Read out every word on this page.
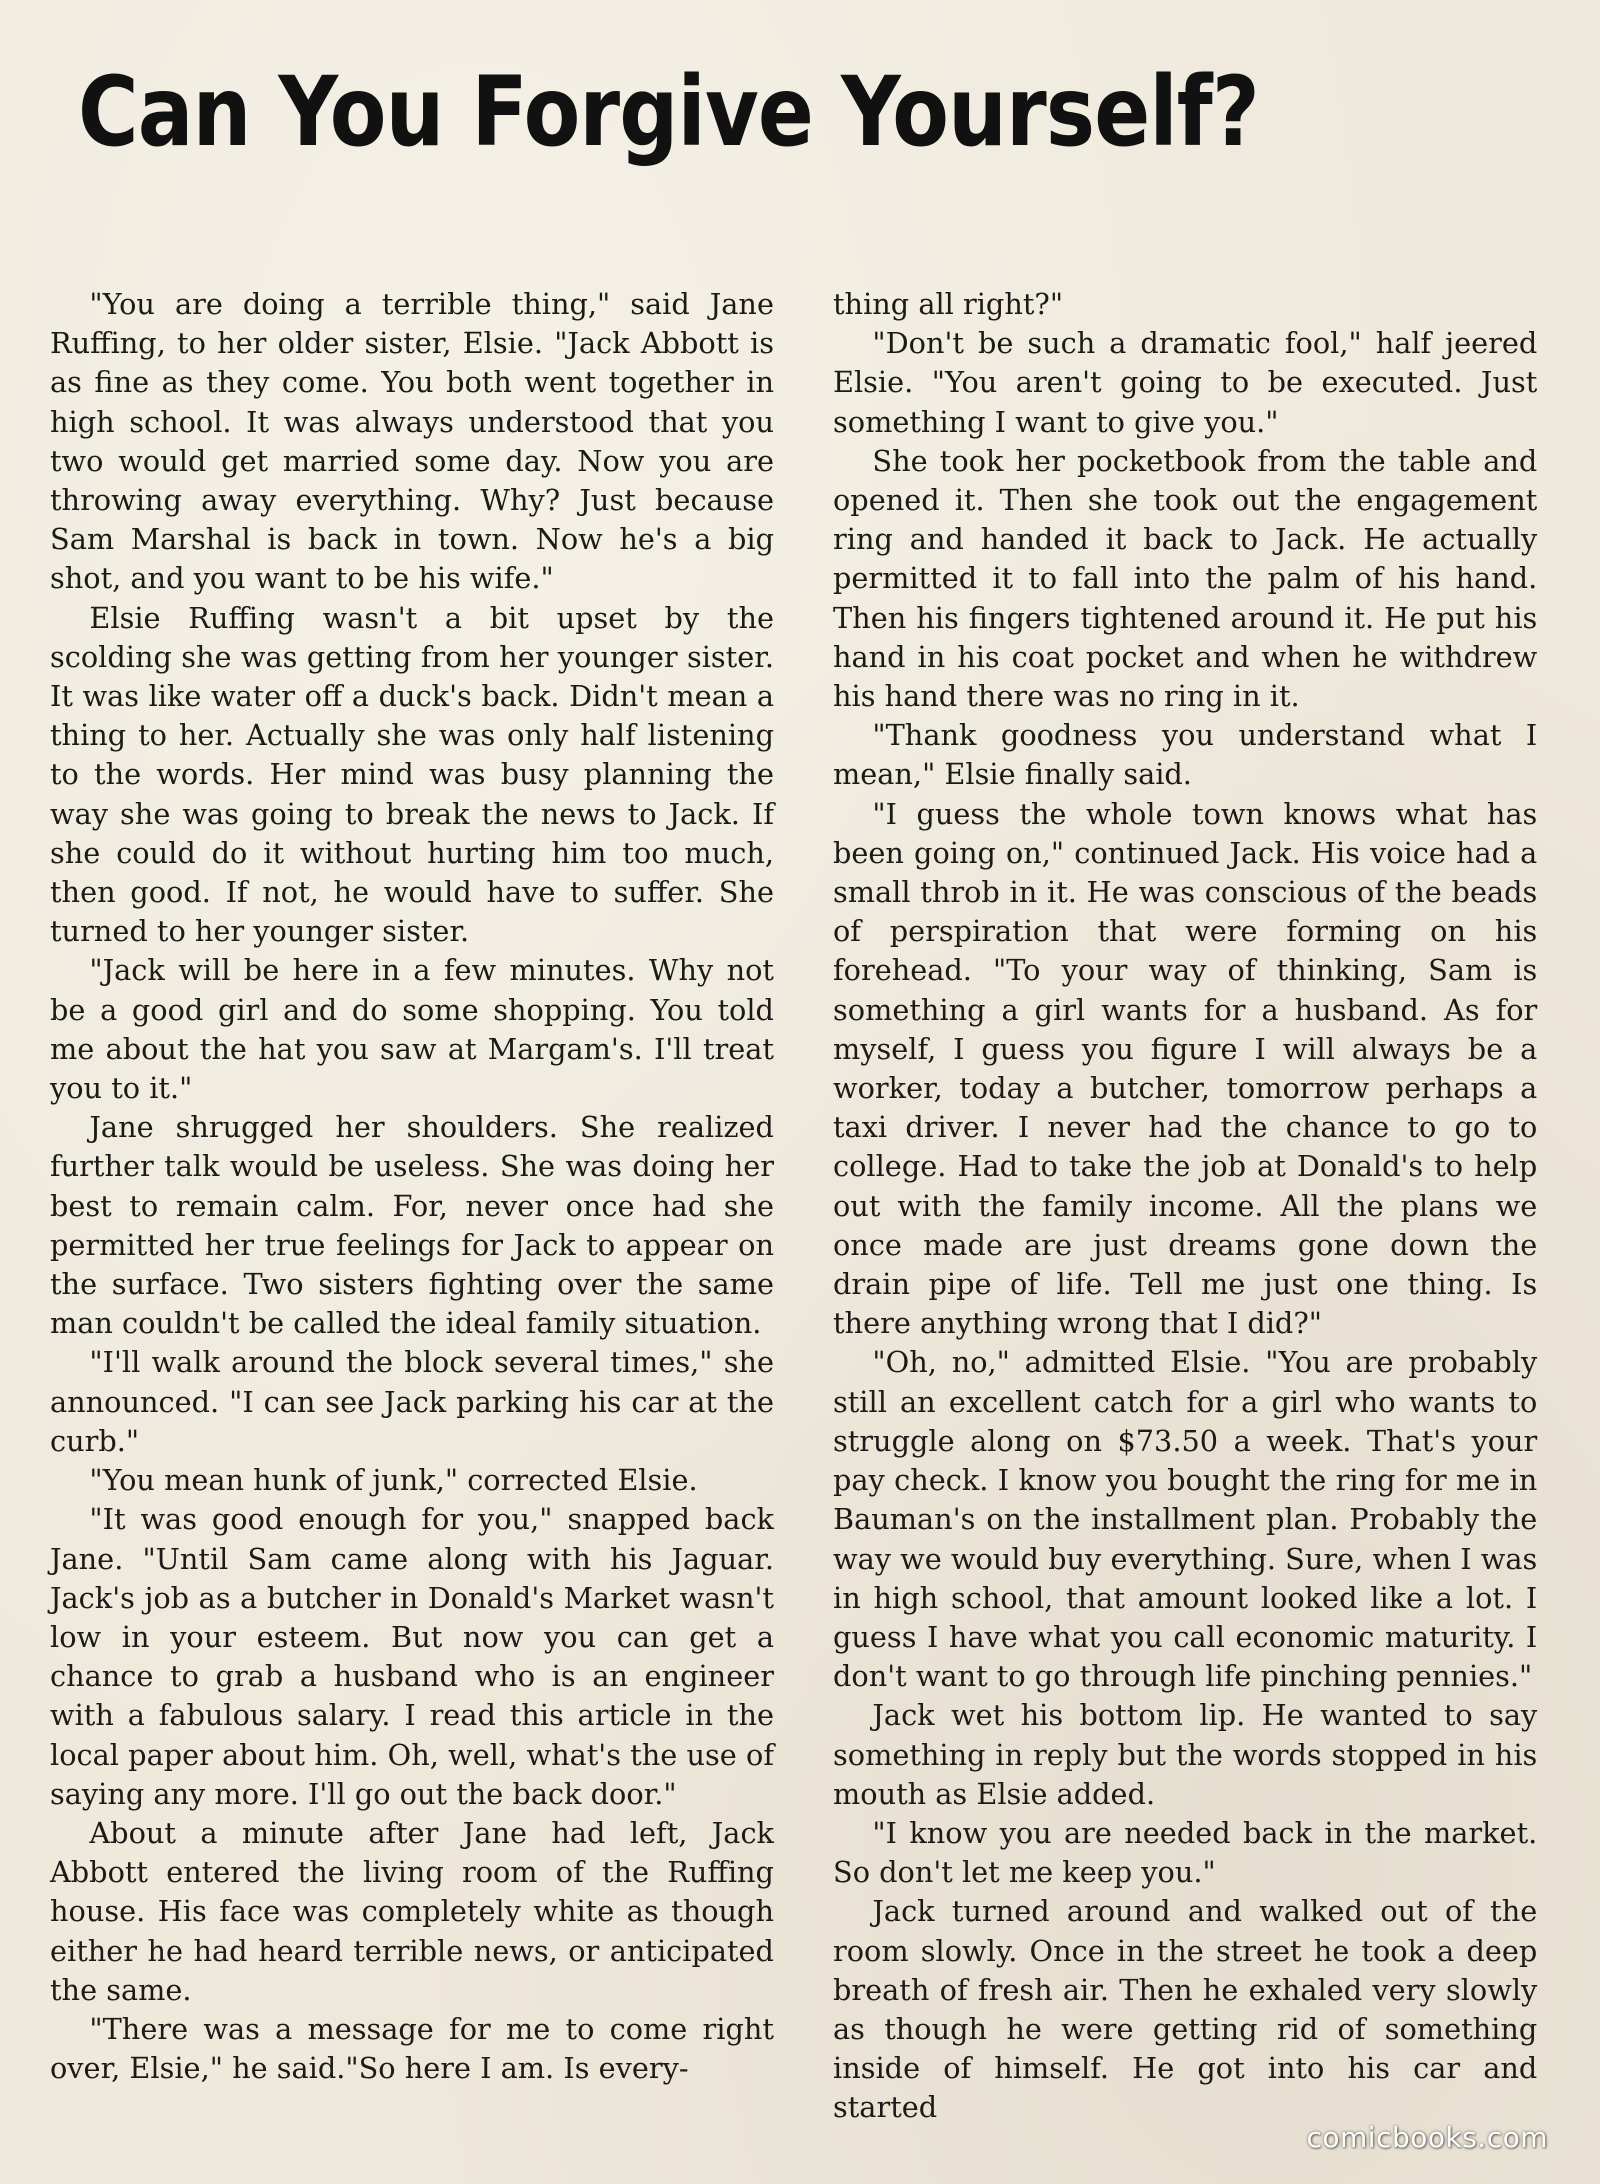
Can You Forgive Yourself?

"You are doing a terrible thing," said Jane Ruffing, to her older sister, Elsie. "Jack Abbott is as fine as they come. You both went together in high school. It was always understood that you two would get married some day. Now you are throwing away everything. Why? Just because Sam Marshal is back in town. Now he's a big shot, and you want to be his wife."

Elsie Ruffing wasn't a bit upset by the scolding she was getting from her younger sister. It was like water off a duck's back. Didn't mean a thing to her. Actually she was only half listening to the words. Her mind was busy planning the way she was going to break the news to Jack. If she could do it without hurting him too much, then good. If not, he would have to suffer. She turned to her younger sister.

"Jack will be here in a few minutes. Why not be a good girl and do some shopping. You told me about the hat you saw at Margam's. I'll treat you to it."

Jane shrugged her shoulders. She realized further talk would be useless. She was doing her best to remain calm. For, never once had she permitted her true feelings for Jack to appear on the surface. Two sisters fighting over the same man couldn't be called the ideal family situation.

"I'll walk around the block several times," she announced. "I can see Jack parking his car at the curb."

"You mean hunk of junk," corrected Elsie.

"It was good enough for you," snapped back Jane. "Until Sam came along with his Jaguar. Jack's job as a butcher in Donald's Market wasn't low in your esteem. But now you can get a chance to grab a husband who is an engineer with a fabulous salary. I read this article in the local paper about him. Oh, well, what's the use of saying any more. I'll go out the back door."

About a minute after Jane had left, Jack Abbott entered the living room of the Ruffing house. His face was completely white as though either he had heard terrible news, or anticipated the same.

"There was a message for me to come right over, Elsie," he said."So here I am. Is every-

thing all right?"

"Don't be such a dramatic fool," half jeered Elsie. "You aren't going to be executed. Just something I want to give you."

She took her pocketbook from the table and opened it. Then she took out the engagement ring and handed it back to Jack. He actually permitted it to fall into the palm of his hand. Then his fingers tightened around it. He put his hand in his coat pocket and when he withdrew his hand there was no ring in it.

"Thank goodness you understand what I mean," Elsie finally said.

"I guess the whole town knows what has been going on," continued Jack. His voice had a small throb in it. He was conscious of the beads of perspiration that were forming on his forehead. "To your way of thinking, Sam is something a girl wants for a husband. As for myself, I guess you figure I will always be a worker, today a butcher, tomorrow perhaps a taxi driver. I never had the chance to go to college. Had to take the job at Donald's to help out with the family income. All the plans we once made are just dreams gone down the drain pipe of life. Tell me just one thing. Is there anything wrong that I did?"

"Oh, no," admitted Elsie. "You are probably still an excellent catch for a girl who wants to struggle along on $73.50 a week. That's your pay check. I know you bought the ring for me in Bauman's on the installment plan. Probably the way we would buy everything. Sure, when I was in high school, that amount looked like a lot. I guess I have what you call economic maturity. I don't want to go through life pinching pennies."

Jack wet his bottom lip. He wanted to say something in reply but the words stopped in his mouth as Elsie added.

"I know you are needed back in the market. So don't let me keep you."

Jack turned around and walked out of the room slowly. Once in the street he took a deep breath of fresh air. Then he exhaled very slowly as though he were getting rid of something inside of himself. He got into his car and started

comicbooks.com
